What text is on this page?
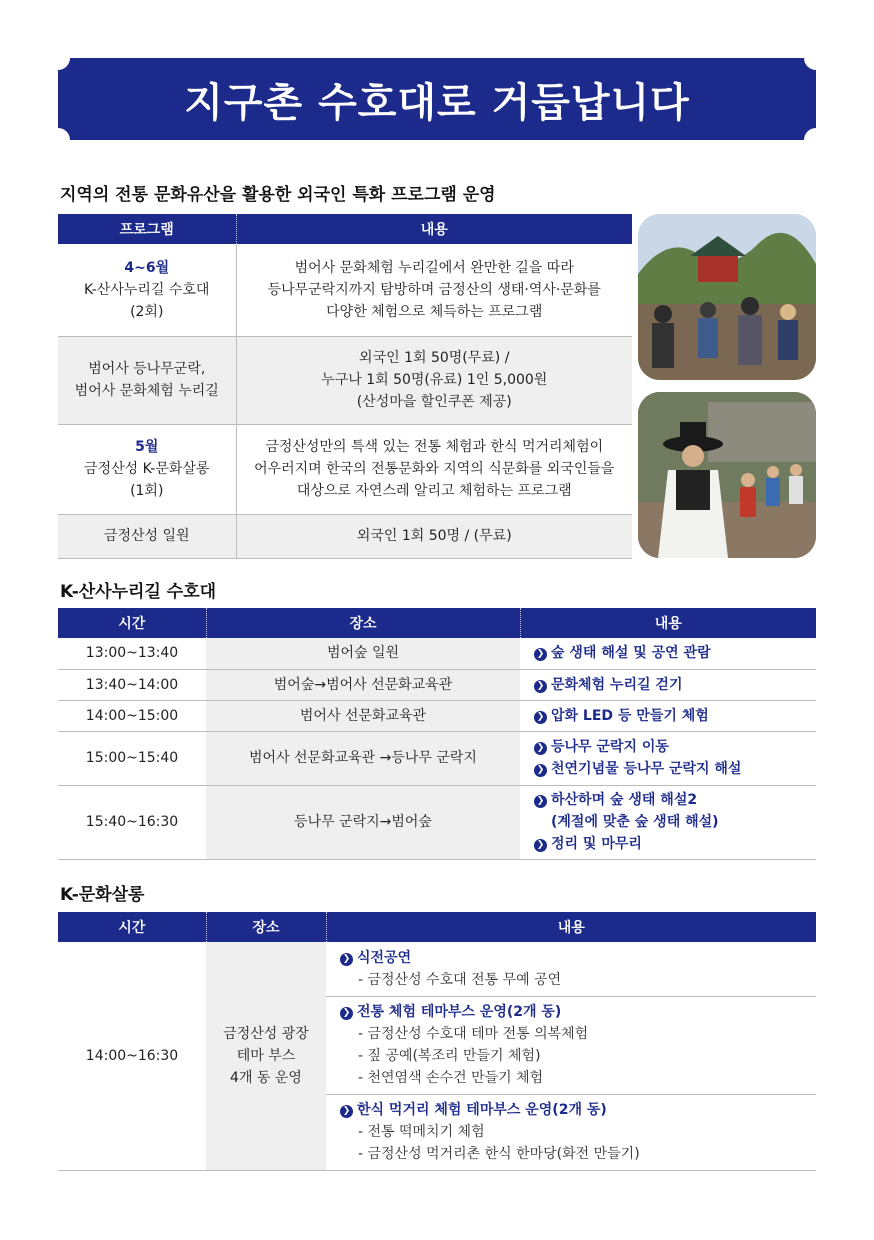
지구촌 수호대로 거듭납니다
지역의 전통 문화유산을 활용한 외국인 특화 프로그램 운영
프로그램	내용
4~6월
K-산사누리길 수호대
(2회)	범어사 문화체험 누리길에서 완만한 길을 따라
등나무군락지까지 탐방하며 금정산의 생태·역사·문화를
다양한 체험으로 체득하는 프로그램
범어사 등나무군락,
범어사 문화체험 누리길	외국인 1회 50명(무료) /
누구나 1회 50명(유료) 1인 5,000원
(산성마을 할인쿠폰 제공)
5월
금정산성 K-문화살롱
(1회)	금정산성만의 특색 있는 전통 체험과 한식 먹거리체험이
어우러지며 한국의 전통문화와 지역의 식문화를 외국인들을
대상으로 자연스레 알리고 체험하는 프로그램
금정산성 일원	외국인 1회 50명 / (무료)
K-산사누리길 수호대
시간	장소	내용
13:00~13:40	범어숲 일원	❯ 숲 생태 해설 및 공연 관람

13:40~14:00	범어숲→범어사 선문화교육관	❯ 문화체험 누리길 걷기

14:00~15:00	범어사 선문화교육관	❯ 압화 LED 등 만들기 체험

15:00~15:40	범어사 선문화교육관 →등나무 군락지	❯ 등나무 군락지 이동
❯ 천연기념물 등나무 군락지 해설

15:40~16:30	등나무 군락지→범어숲	❯ 하산하며 숲 생태 해설2
(계절에 맞춘 숲 생태 해설)
❯ 정리 및 마무리
K-문화살롱
시간	장소	내용
14:00~16:30	금정산성 광장
테마 부스
4개 동 운영	❯ 식전공연
- 금정산성 수호대 전통 무예 공연

		❯ 전통 체험 테마부스 운영(2개 동)
- 금정산성 수호대 테마 전통 의복체험
- 짚 공예(복조리 만들기 체험)
- 천연염색 손수건 만들기 체험

		❯ 한식 먹거리 체험 테마부스 운영(2개 동)
- 전통 떡메치기 체험
- 금정산성 먹거리촌 한식 한마당(화전 만들기)
